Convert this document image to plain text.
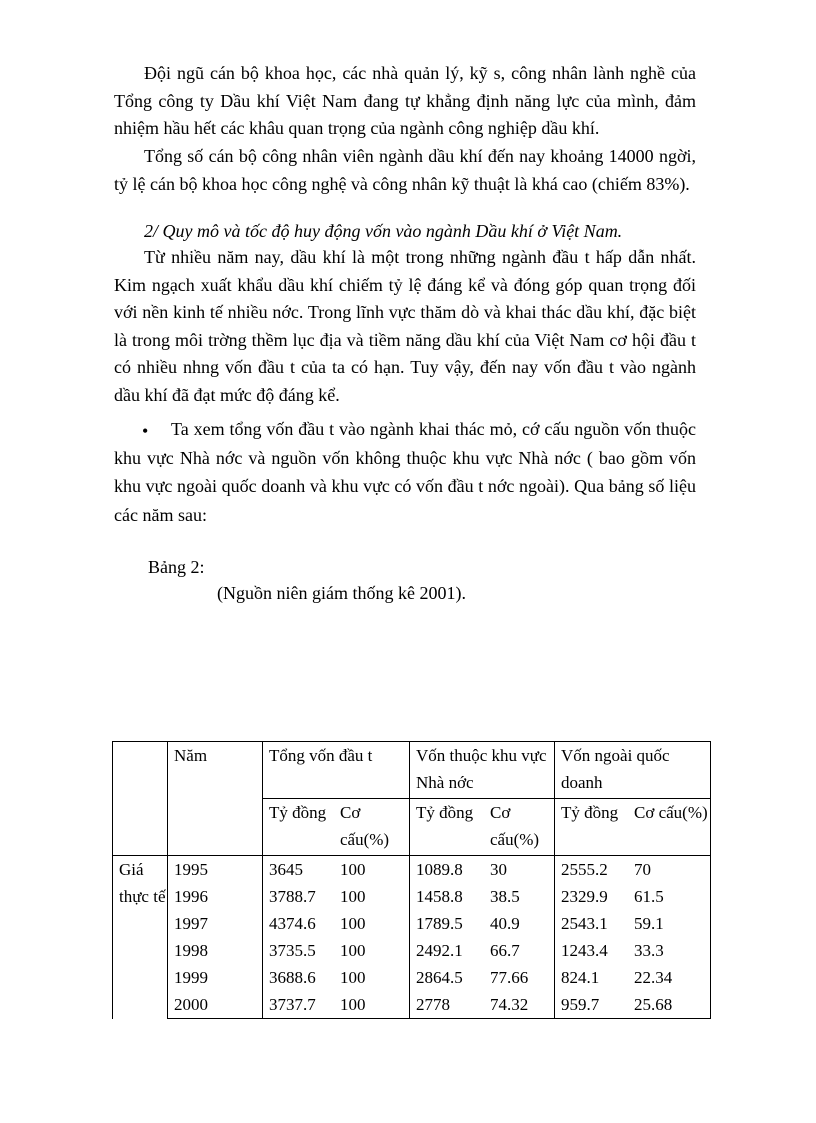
Đội ngũ cán bộ khoa học, các nhà quản lý, kỹ s, công nhân lành nghề của Tổng công ty Dầu khí Việt Nam đang tự khẳng định năng lực của mình, đảm nhiệm hầu hết các khâu quan trọng của ngành công nghiệp dầu khí.

Tổng số cán bộ công nhân viên ngành dầu khí đến nay khoảng 14000 ngời, tỷ lệ cán bộ khoa học công nghệ và công nhân kỹ thuật là khá cao (chiếm 83%).

2/ Quy mô và tốc độ huy động vốn vào ngành Dầu khí ở Việt Nam.

Từ nhiều năm nay, dầu khí là một trong những ngành đầu t hấp dẫn nhất. Kim ngạch xuất khẩu dầu khí chiếm tỷ lệ đáng kể và đóng góp quan trọng đối với nền kinh tế nhiều nớc. Trong lĩnh vực thăm dò và khai thác dầu khí, đặc biệt là trong môi trờng thềm lục địa và tiềm năng dầu khí của Việt Nam cơ hội đầu t có nhiều nhng vốn đầu t của ta có hạn. Tuy vậy, đến nay vốn đầu t vào ngành dầu khí đã đạt mức độ đáng kể.

•	Ta xem tổng vốn đầu t vào ngành khai thác mỏ, cớ cấu nguồn vốn thuộc khu vực Nhà nớc và nguồn vốn không thuộc khu vực Nhà nớc ( bao gồm vốn khu vực ngoài quốc doanh và khu vực có vốn đầu t nớc ngoài). Qua bảng số liệu các năm sau:

Bảng 2:
(Nguồn niên giám thống kê 2001).
	Năm	Tổng vốn đầu t		Vốn thuộc khu vực Nhà nớc		Vốn ngoài quốc doanh	
		Tỷ đồng	Cơ cấu(%)	Tỷ đồng	Cơ cấu(%)	Tỷ đồng	Cơ cấu(%)
Giá thực tế	1995	3645	100	1089.8	30	2555.2	70
	1996	3788.7	100	1458.8	38.5	2329.9	61.5
	1997	4374.6	100	1789.5	40.9	2543.1	59.1
	1998	3735.5	100	2492.1	66.7	1243.4	33.3
	1999	3688.6	100	2864.5	77.66	824.1	22.34
	2000	3737.7	100	2778	74.32	959.7	25.68
